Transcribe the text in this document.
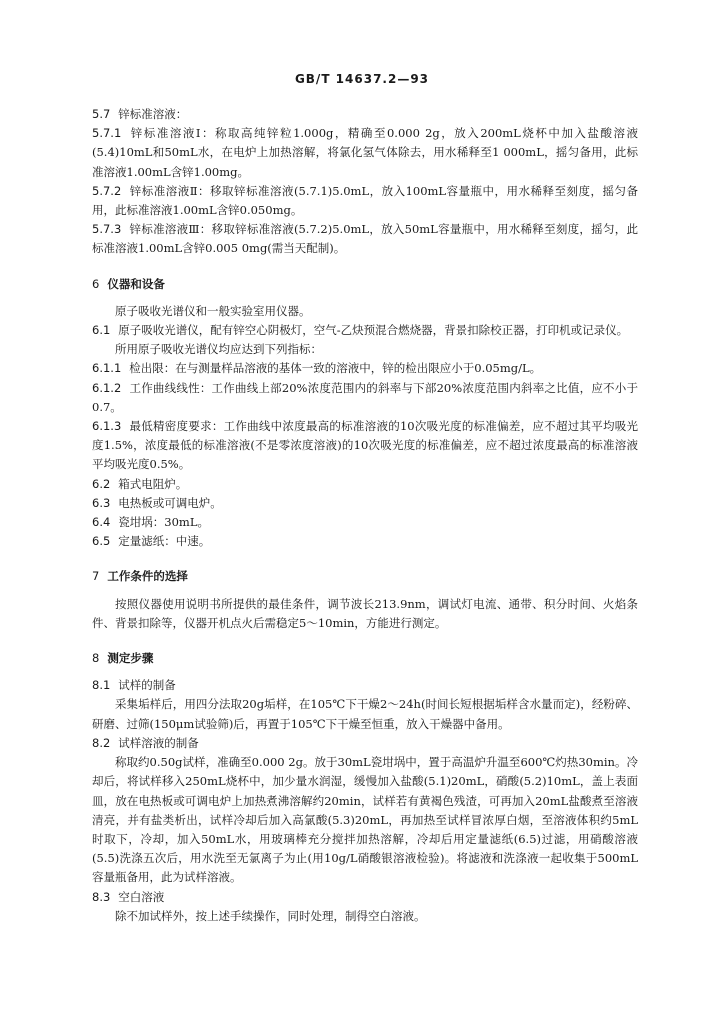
GB/T 14637.2—93

5.7 锌标准溶液：

5.7.1 锌标准溶液Ⅰ：称取高纯锌粒1.000g，精确至0.000 2g，放入200mL烧杯中加入盐酸溶液(5.4)10mL和50mL水，在电炉上加热溶解，将氯化氢气体除去，用水稀释至1 000mL，摇匀备用，此标准溶液1.00mL含锌1.00mg。

5.7.2 锌标准溶液Ⅱ：移取锌标准溶液(5.7.1)5.0mL，放入100mL容量瓶中，用水稀释至刻度，摇匀备用，此标准溶液1.00mL含锌0.050mg。

5.7.3 锌标准溶液Ⅲ：移取锌标准溶液(5.7.2)5.0mL，放入50mL容量瓶中，用水稀释至刻度，摇匀，此标准溶液1.00mL含锌0.005 0mg(需当天配制)。

6 仪器和设备

原子吸收光谱仪和一般实验室用仪器。

6.1 原子吸收光谱仪，配有锌空心阴极灯，空气-乙炔预混合燃烧器，背景扣除校正器，打印机或记录仪。

所用原子吸收光谱仪均应达到下列指标：

6.1.1 检出限：在与测量样品溶液的基体一致的溶液中，锌的检出限应小于0.05mg/L。

6.1.2 工作曲线线性：工作曲线上部20%浓度范围内的斜率与下部20%浓度范围内斜率之比值，应不小于0.7。

6.1.3 最低精密度要求：工作曲线中浓度最高的标准溶液的10次吸光度的标准偏差，应不超过其平均吸光度1.5%，浓度最低的标准溶液(不是零浓度溶液)的10次吸光度的标准偏差，应不超过浓度最高的标准溶液平均吸光度0.5%。

6.2 箱式电阻炉。

6.3 电热板或可调电炉。

6.4 瓷坩埚：30mL。

6.5 定量滤纸：中速。

7 工作条件的选择

按照仪器使用说明书所提供的最佳条件，调节波长213.9nm，调试灯电流、通带、积分时间、火焰条件、背景扣除等，仪器开机点火后需稳定5～10min，方能进行测定。

8 测定步骤

8.1 试样的制备

采集垢样后，用四分法取20g垢样，在105℃下干燥2～24h(时间长短根据垢样含水量而定)，经粉碎、研磨、过筛(150μm试验筛)后，再置于105℃下干燥至恒重，放入干燥器中备用。

8.2 试样溶液的制备

称取约0.50g试样，准确至0.000 2g。放于30mL瓷坩埚中，置于高温炉升温至600℃灼热30min。冷却后，将试样移入250mL烧杯中，加少量水润湿，缓慢加入盐酸(5.1)20mL，硝酸(5.2)10mL，盖上表面皿，放在电热板或可调电炉上加热煮沸溶解约20min，试样若有黄褐色残渣，可再加入20mL盐酸煮至溶液清亮，并有盐类析出，试样冷却后加入高氯酸(5.3)20mL，再加热至试样冒浓厚白烟，至溶液体积约5mL时取下，冷却，加入50mL水，用玻璃棒充分搅拌加热溶解，冷却后用定量滤纸(6.5)过滤，用硝酸溶液(5.5)洗涤五次后，用水洗至无氯离子为止(用10g/L硝酸银溶液检验)。将滤液和洗涤液一起收集于500mL容量瓶备用，此为试样溶液。

8.3 空白溶液

除不加试样外，按上述手续操作，同时处理，制得空白溶液。
